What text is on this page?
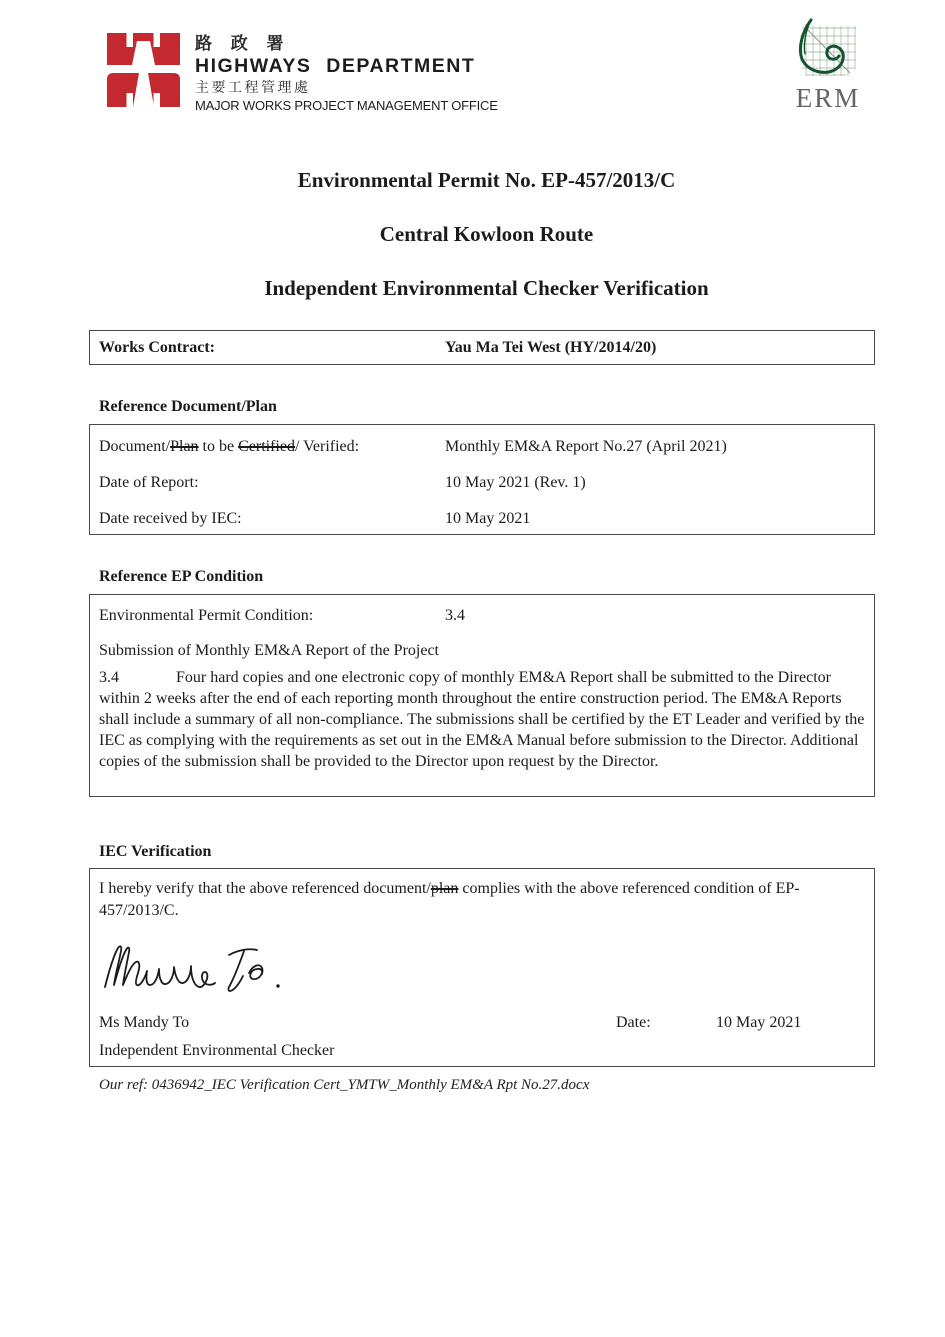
路 政 署
HIGHWAYS DEPARTMENT
主要工程管理處
MAJOR WORKS PROJECT MANAGEMENT OFFICE	ERM
Environmental Permit No. EP-457/2013/C
Central Kowloon Route
Independent Environmental Checker Verification
Works Contract:	Yau Ma Tei West (HY/2014/20)
Reference Document/Plan
Document/Plan to be Certified/ Verified:	Monthly EM&A Report No.27 (April 2021)
Date of Report:	10 May 2021 (Rev. 1)
Date received by IEC:	10 May 2021
Reference EP Condition
Environmental Permit Condition:	3.4
Submission of Monthly EM&A Report of the Project
3.4	Four hard copies and one electronic copy of monthly EM&A Report shall be submitted to the Director within 2 weeks after the end of each reporting month throughout the entire construction period. The EM&A Reports shall include a summary of all non-compliance. The submissions shall be certified by the ET Leader and verified by the IEC as complying with the requirements as set out in the EM&A Manual before submission to the Director. Additional copies of the submission shall be provided to the Director upon request by the Director.
IEC Verification
I hereby verify that the above referenced document/plan complies with the above referenced condition of EP-457/2013/C.
Ms Mandy To	Date:	10 May 2021
Independent Environmental Checker
Our ref: 0436942_IEC Verification Cert_YMTW_Monthly EM&A Rpt No.27.docx
